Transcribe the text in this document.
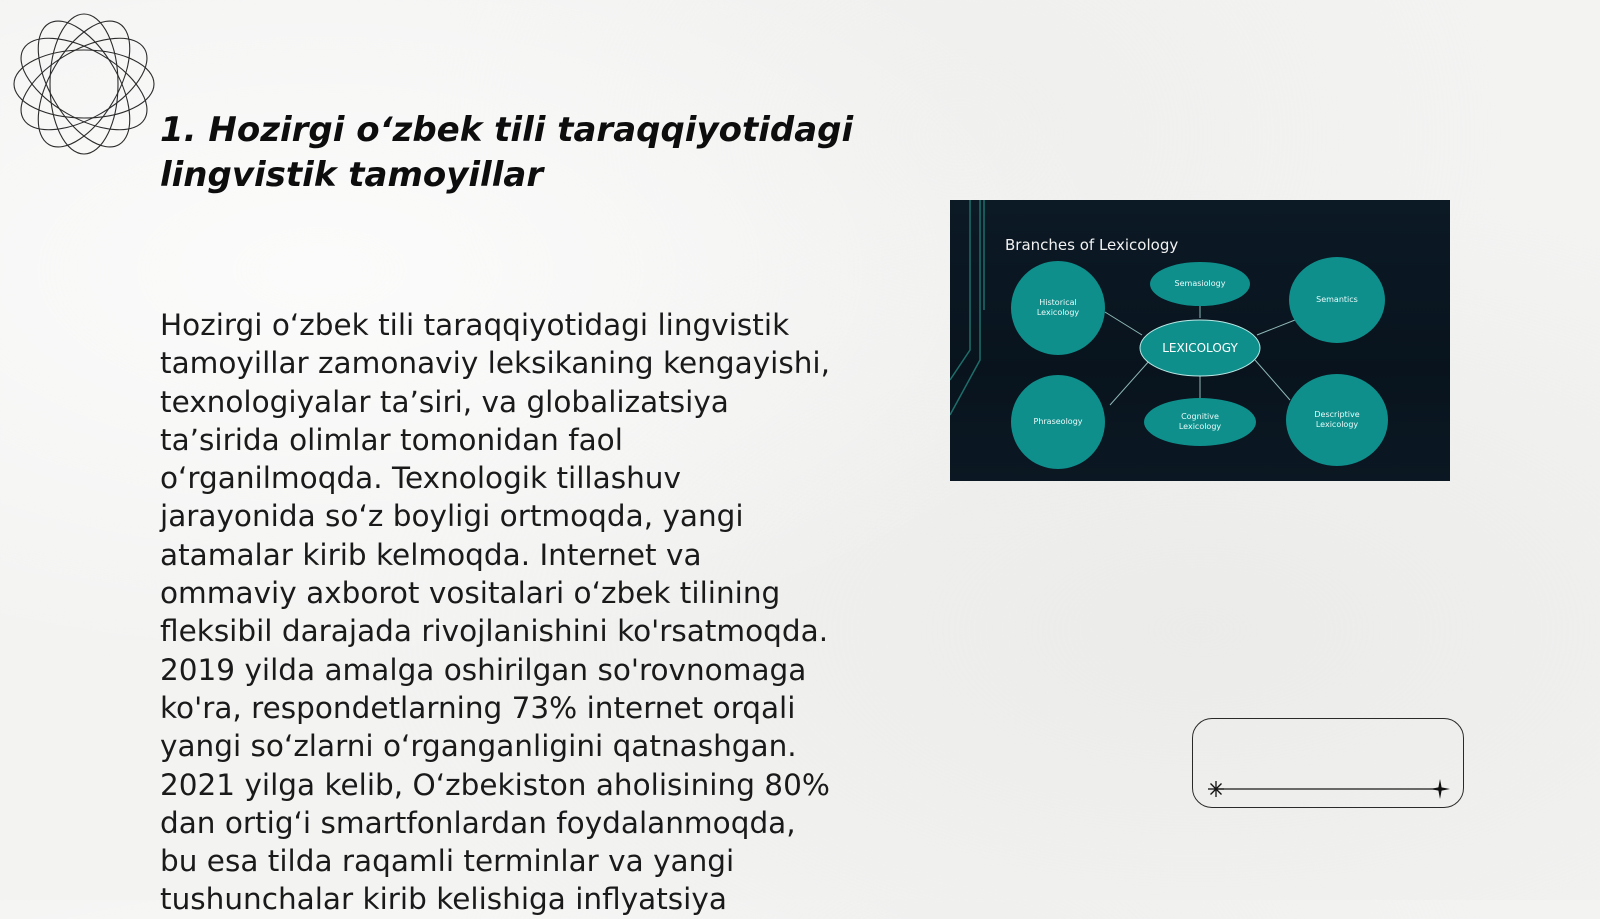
1. Hozirgi o‘zbek tili taraqqiyotidagi
lingvistik tamoyillar
Hozirgi o‘zbek tili taraqqiyotidagi lingvistik
tamoyillar zamonaviy leksikaning kengayishi,
texnologiyalar ta’siri, va globalizatsiya
ta’sirida olimlar tomonidan faol
o‘rganilmoqda. Texnologik tillashuv
jarayonida so‘z boyligi ortmoqda, yangi
atamalar kirib kelmoqda. Internet va
ommaviy axborot vositalari o‘zbek tilining
fleksibil darajada rivojlanishini ko'rsatmoqda.
2019 yilda amalga oshirilgan so'rovnomaga
ko'ra, respondetlarning 73% internet orqali
yangi so‘zlarni o‘rganganligini qatnashgan.
2021 yilga kelib, O‘zbekiston aholisining 80%
dan ortig‘i smartfonlardan foydalanmoqda,
bu esa tilda raqamli terminlar va yangi
tushunchalar kirib kelishiga inflyatsiya
Branches of Lexicology
Historical Lexicology
Semasiology
Semantics
LEXICOLOGY
Phraseology
Cognitive Lexicology
Descriptive Lexicology
